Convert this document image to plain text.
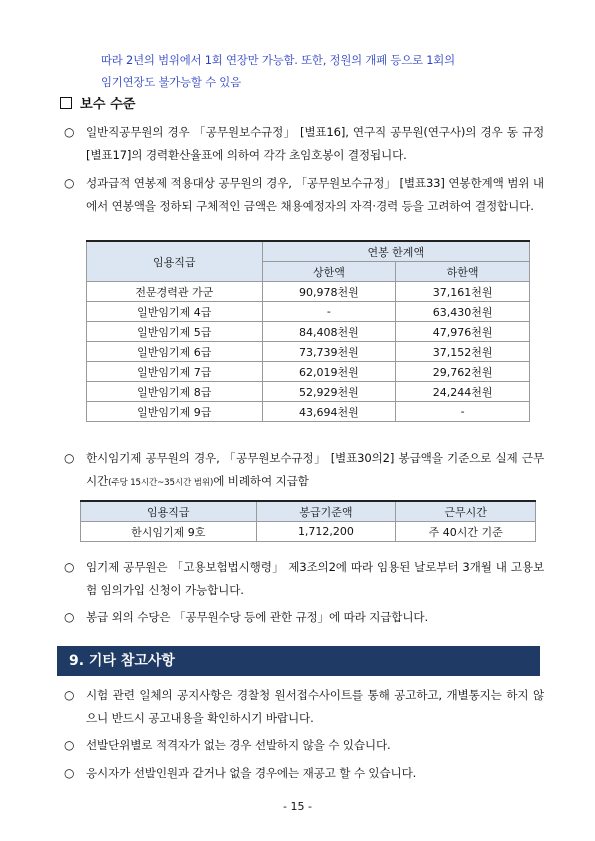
따라 2년의 범위에서 1회 연장만 가능함. 또한, 정원의 개폐 등으로 1회의
임기연장도 불가능할 수 있음
보수 수준
○ 일반직공무원의 경우 「공무원보수규정」 [별표16], 연구직 공무원(연구사)의 경우 동 규정 [별표17]의 경력환산율표에 의하여 각각 초임호봉이 결정됩니다.
○ 성과급적 연봉제 적용대상 공무원의 경우, 「공무원보수규정」 [별표33] 연봉한계액 범위 내에서 연봉액을 정하되 구체적인 금액은 채용예정자의 자격·경력 등을 고려하여 결정합니다.
임용직급	연봉 한계액	
	상한액	하한액
전문경력관 가군	90,978천원	37,161천원
일반임기제 4급	-	63,430천원
일반임기제 5급	84,408천원	47,976천원
일반임기제 6급	73,739천원	37,152천원
일반임기제 7급	62,019천원	29,762천원
일반임기제 8급	52,929천원	24,244천원
일반임기제 9급	43,694천원	-
○ 한시임기제 공무원의 경우, 「공무원보수규정」 [별표30의2] 봉급액을 기준으로 실제 근무시간(주당 15시간~35시간 범위)에 비례하여 지급함
임용직급	봉급기준액	근무시간
한시임기제 9호	1,712,200	주 40시간 기준
○ 임기제 공무원은 「고용보험법시행령」 제3조의2에 따라 임용된 날로부터 3개월 내 고용보험 임의가입 신청이 가능합니다.
○ 봉급 외의 수당은 「공무원수당 등에 관한 규정」에 따라 지급합니다.
9. 기타 참고사항
○ 시험 관련 일체의 공지사항은 경찰청 원서접수사이트를 통해 공고하고, 개별통지는 하지 않으니 반드시 공고내용을 확인하시기 바랍니다.
○ 선발단위별로 적격자가 없는 경우 선발하지 않을 수 있습니다.
○ 응시자가 선발인원과 같거나 없을 경우에는 재공고 할 수 있습니다.
- 15 -
